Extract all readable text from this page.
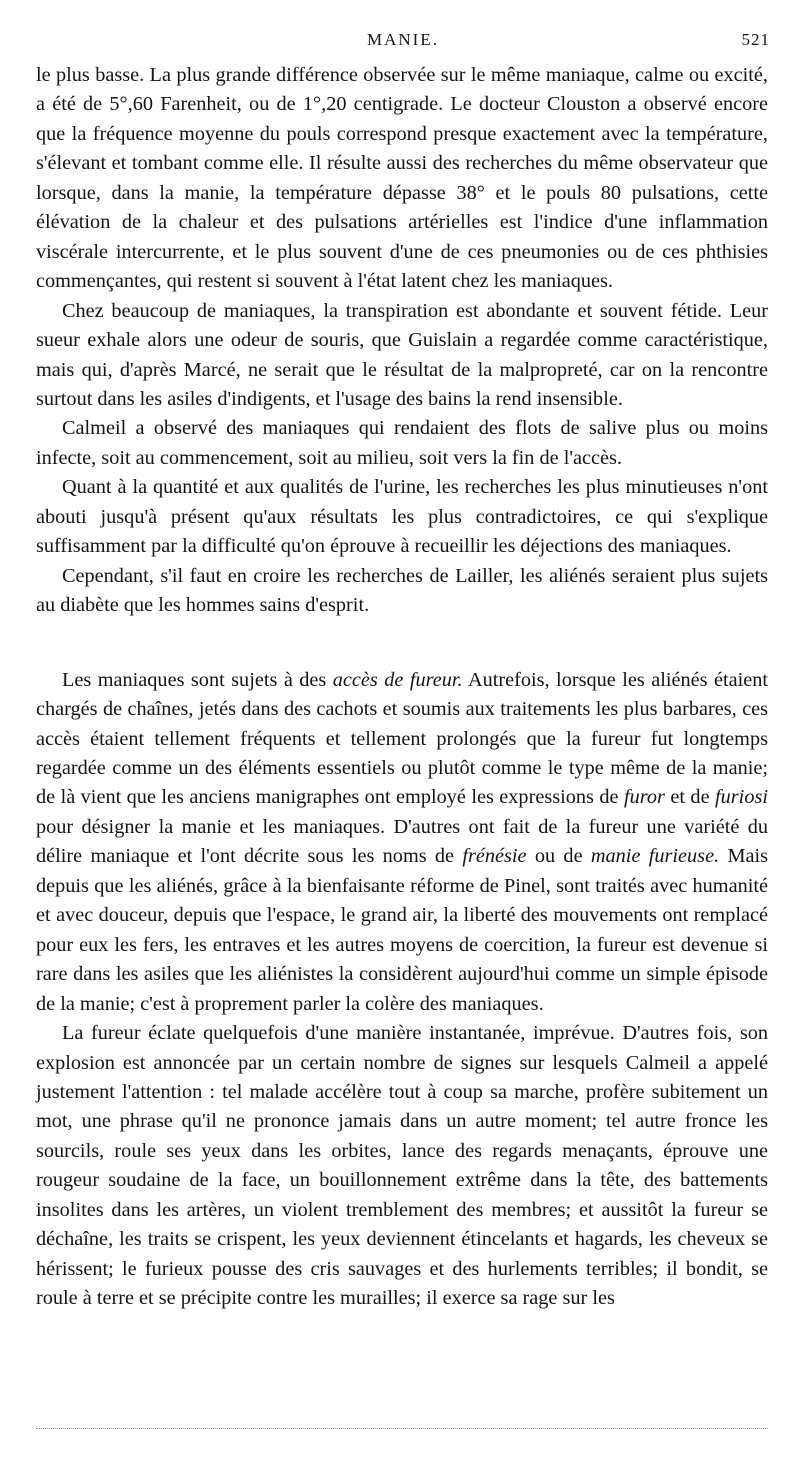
MANIE.	521

le plus basse. La plus grande différence observée sur le même maniaque, calme ou excité, a été de 5°,60 Farenheit, ou de 1°,20 centigrade. Le docteur Clouston a observé encore que la fréquence moyenne du pouls correspond presque exactement avec la température, s'élevant et tombant comme elle. Il résulte aussi des recherches du même observateur que lorsque, dans la manie, la température dépasse 38° et le pouls 80 pulsations, cette élévation de la chaleur et des pulsations artérielles est l'indice d'une inflammation viscérale intercurrente, et le plus souvent d'une de ces pneumonies ou de ces phthisies commençantes, qui restent si souvent à l'état latent chez les maniaques.

Chez beaucoup de maniaques, la transpiration est abondante et souvent fétide. Leur sueur exhale alors une odeur de souris, que Guislain a regardée comme caractéristique, mais qui, d'après Marcé, ne serait que le résultat de la malpropreté, car on la rencontre surtout dans les asiles d'indigents, et l'usage des bains la rend insensible.

Calmeil a observé des maniaques qui rendaient des flots de salive plus ou moins infecte, soit au commencement, soit au milieu, soit vers la fin de l'accès.

Quant à la quantité et aux qualités de l'urine, les recherches les plus minutieuses n'ont abouti jusqu'à présent qu'aux résultats les plus contradictoires, ce qui s'explique suffisamment par la difficulté qu'on éprouve à recueillir les déjections des maniaques.

Cependant, s'il faut en croire les recherches de Lailler, les aliénés seraient plus sujets au diabète que les hommes sains d'esprit.

Les maniaques sont sujets à des accès de fureur. Autrefois, lorsque les aliénés étaient chargés de chaînes, jetés dans des cachots et soumis aux traitements les plus barbares, ces accès étaient tellement fréquents et tellement prolongés que la fureur fut longtemps regardée comme un des éléments essentiels ou plutôt comme le type même de la manie; de là vient que les anciens manigraphes ont employé les expressions de furor et de furiosi pour désigner la manie et les maniaques. D'autres ont fait de la fureur une variété du délire maniaque et l'ont décrite sous les noms de frénésie ou de manie furieuse. Mais depuis que les aliénés, grâce à la bienfaisante réforme de Pinel, sont traités avec humanité et avec douceur, depuis que l'espace, le grand air, la liberté des mouvements ont remplacé pour eux les fers, les entraves et les autres moyens de coercition, la fureur est devenue si rare dans les asiles que les aliénistes la considèrent aujourd'hui comme un simple épisode de la manie; c'est à proprement parler la colère des maniaques.

La fureur éclate quelquefois d'une manière instantanée, imprévue. D'autres fois, son explosion est annoncée par un certain nombre de signes sur lesquels Calmeil a appelé justement l'attention : tel malade accélère tout à coup sa marche, profère subitement un mot, une phrase qu'il ne prononce jamais dans un autre moment; tel autre fronce les sourcils, roule ses yeux dans les orbites, lance des regards menaçants, éprouve une rougeur soudaine de la face, un bouillonnement extrême dans la tête, des battements insolites dans les artères, un violent tremblement des membres; et aussitôt la fureur se déchaîne, les traits se crispent, les yeux deviennent étincelants et hagards, les cheveux se hérissent; le furieux pousse des cris sauvages et des hurlements terribles; il bondit, se roule à terre et se précipite contre les murailles; il exerce sa rage sur les
